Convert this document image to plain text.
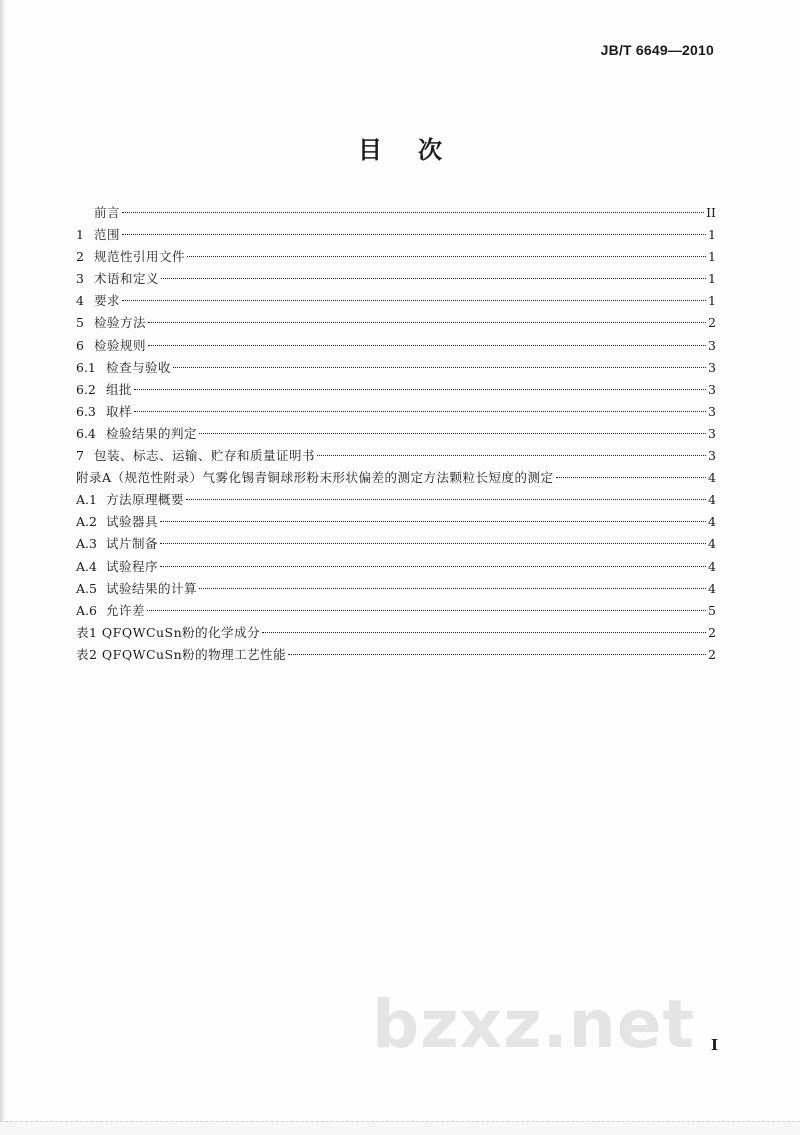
JB/T 6649—2010
目次
前言	II
1 范围	1
2 规范性引用文件	1
3 术语和定义	1
4 要求	1
5 检验方法	2
6 检验规则	3
6.1 检查与验收	3
6.2 组批	3
6.3 取样	3
6.4 检验结果的判定	3
7 包装、标志、运输、贮存和质量证明书	3
附录A（规范性附录）气雾化锡青铜球形粉末形状偏差的测定方法颗粒长短度的测定	4
A.1 方法原理概要	4
A.2 试验器具	4
A.3 试片制备	4
A.4 试验程序	4
A.5 试验结果的计算	4
A.6 允许差	5
表1 QFQWCuSn粉的化学成分	2
表2 QFQWCuSn粉的物理工艺性能	2
bzxz.net I
